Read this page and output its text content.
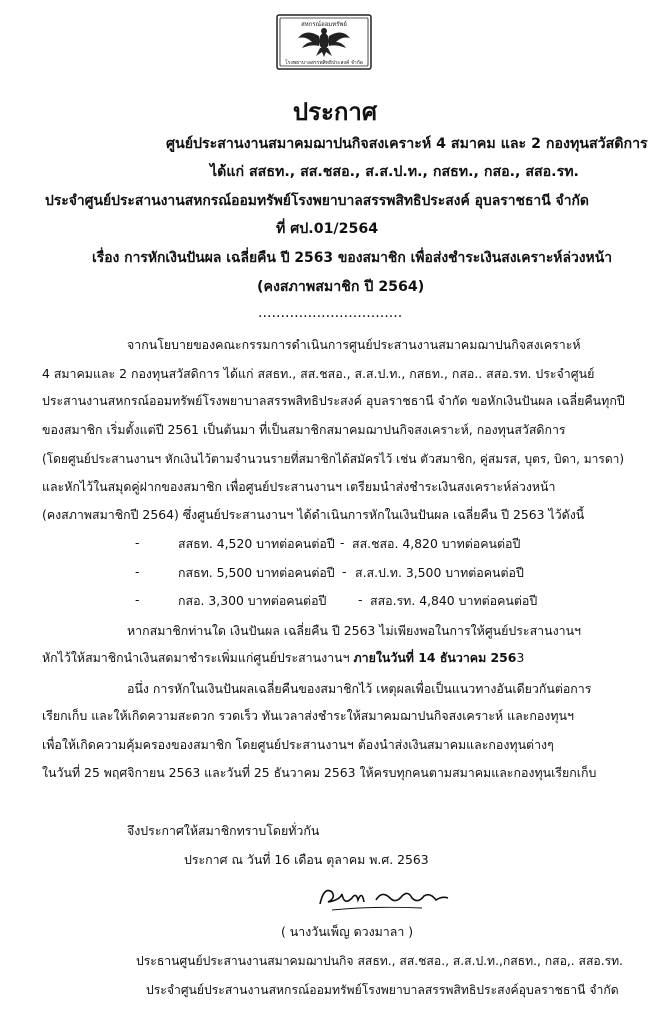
สหกรณ์ออมทรัพย์
โรงพยาบาลสรรพสิทธิประสงค์ จำกัด
ประกาศ
ศูนย์ประสานงานสมาคมฌาปนกิจสงเคราะห์ 4 สมาคม และ 2 กองทุนสวัสดิการ
ได้แก่ สสธท., สส.ชสอ., ส.ส.ป.ท., กสธท., กสอ., สสอ.รท.
ประจำศูนย์ประสานงานสหกรณ์ออมทรัพย์โรงพยาบาลสรรพสิทธิประสงค์ อุบลราชธานี จำกัด
ที่ ศป.01/2564
เรื่อง การหักเงินปันผล เฉลี่ยคืน ปี 2563 ของสมาชิก เพื่อส่งชำระเงินสงเคราะห์ล่วงหน้า
(คงสภาพสมาชิก ปี 2564)
................................
จากนโยบายของคณะกรรมการดำเนินการศูนย์ประสานงานสมาคมฌาปนกิจสงเคราะห์
4 สมาคมและ 2 กองทุนสวัสดิการ ได้แก่ สสธท., สส.ชสอ., ส.ส.ป.ท., กสธท., กสอ.. สสอ.รท. ประจำศูนย์
ประสานงานสหกรณ์ออมทรัพย์โรงพยาบาลสรรพสิทธิประสงค์ อุบลราชธานี จำกัด ขอหักเงินปันผล เฉลี่ยคืนทุกปี
ของสมาชิก เริ่มตั้งแต่ปี 2561 เป็นต้นมา ที่เป็นสมาชิกสมาคมฌาปนกิจสงเคราะห์, กองทุนสวัสดิการ
(โดยศูนย์ประสานงานฯ หักเงินไว้ตามจำนวนรายที่สมาชิกได้สมัครไว้ เช่น ตัวสมาชิก, คู่สมรส, บุตร, บิดา, มารดา)
และหักไว้ในสมุดคู่ฝากของสมาชิก เพื่อศูนย์ประสานงานฯ เตรียมนำส่งชำระเงินสงเคราะห์ล่วงหน้า
(คงสภาพสมาชิกปี 2564) ซึ่งศูนย์ประสานงานฯ ได้ดำเนินการหักในเงินปันผล เฉลี่ยคืน ปี 2563 ไว้ดังนี้
-	สสธท. 4,520 บาทต่อคนต่อปี สส.ชสอ. 4,820 บาทต่อคนต่อปี
-
-	กสธท. 5,500 บาทต่อคนต่อปี ส.ส.ป.ท. 3,500 บาทต่อคนต่อปี
-
-	กสอ. 3,300 บาทต่อคนต่อปี	สสอ.รท. 4,840 บาทต่อคนต่อปี
-
หากสมาชิกท่านใด เงินปันผล เฉลี่ยคืน ปี 2563 ไม่เพียงพอในการให้ศูนย์ประสานงานฯ
หักไว้ให้สมาชิกนำเงินสดมาชำระเพิ่มแก่ศูนย์ประสานงานฯ ภายในวันที่ 14 ธันวาคม 2563
อนึ่ง การหักในเงินปันผลเฉลี่ยคืนของสมาชิกไว้ เหตุผลเพื่อเป็นแนวทางอันเดียวกันต่อการ
เรียกเก็บ และให้เกิดความสะดวก รวดเร็ว ทันเวลาส่งชำระให้สมาคมฌาปนกิจสงเคราะห์ และกองทุนฯ
เพื่อให้เกิดความคุ้มครองของสมาชิก โดยศูนย์ประสานงานฯ ต้องนำส่งเงินสมาคมและกองทุนต่างๆ
ในวันที่ 25 พฤศจิกายน 2563 และวันที่ 25 ธันวาคม 2563 ให้ครบทุกคนตามสมาคมและกองทุนเรียกเก็บ
จึงประกาศให้สมาชิกทราบโดยทั่วกัน
ประกาศ ณ วันที่ 16 เดือน ตุลาคม พ.ศ. 2563
( นางวันเพ็ญ ดวงมาลา )
ประธานศูนย์ประสานงานสมาคมฌาปนกิจ สสธท., สส.ชสอ., ส.ส.ป.ท.,กสธท., กสอ,. สสอ.รท.
ประจำศูนย์ประสานงานสหกรณ์ออมทรัพย์โรงพยาบาลสรรพสิทธิประสงค์อุบลราชธานี จำกัด
